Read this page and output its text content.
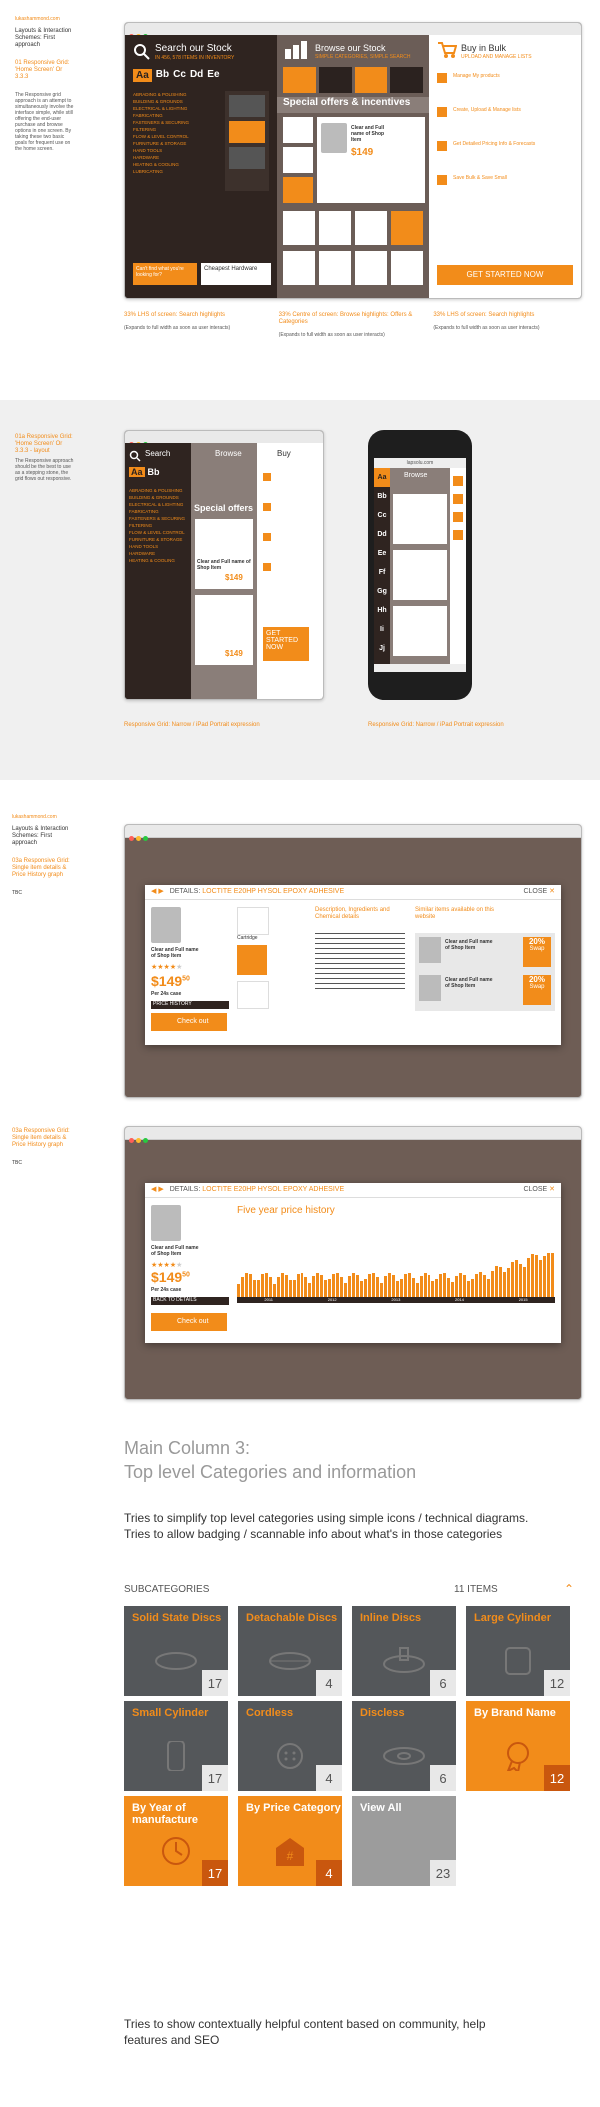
lukashammond.com
Layouts & Interaction Schemes: First approach
01 Responsive Grid: 'Home Screen' Or 3.3.3
The Responsive grid approach is an attempt to simultaneously involve the interface simple, while still offering the end-user purchase and browse options in one screen. By taking these two basic goals for frequent use on the home screen.
Search our Stock
IN 456, 578 ITEMS IN INVENTORY
Aa Bb Cc Dd Ee
ABRADING & POLISHING
BUILDING & GROUNDS
ELECTRICAL & LIGHTING
FABRICATING
FASTENERS & SECURING
FILTERING
FLOW & LEVEL CONTROL
FURNITURE & STORAGE
HAND TOOLS
HARDWARE
HEATING & COOLING
LUBRICATING
Can't find what you're looking for?
Cheapest Hardware
Browse our Stock
SIMPLE CATEGORIES, SIMPLE SEARCH
Special offers & incentives
Clear and Full name of Shop Item
$149
Buy in Bulk
UPLOAD AND MANAGE LISTS
Manage My products
Create, Upload & Manage lists
Get Detailed Pricing Info & Forecasts
Save Bulk & Save Small
GET STARTED NOW
33% LHS of screen: Search highlights
(Expands to full width as soon as user interacts)
33% Centre of screen: Browse highlights: Offers & Categories
(Expands to full width as soon as user interacts)
33% LHS of screen: Search highlights
(Expands to full width as soon as user interacts)
01a Responsive Grid: 'Home Screen' Or 3.3.3 - layout
The Responsive approach should be the best to use as a stepping stone, the grid flows out responsive.
Search
Aa Bb
ABRADING & POLISHING
BUILDING & GROUNDS
ELECTRICAL & LIGHTING
FABRICATING
FASTENERS & SECURING
FILTERING
FLOW & LEVEL CONTROL
FURNITURE & STORAGE
HAND TOOLS
HARDWARE
HEATING & COOLING
Browse
Special offers
Clear and Full name of Shop Item
$149
$149
Buy
GET STARTED NOW
Responsive Grid: Narrow / iPad Portrait expression
lapsolu.com
Aa
Bb
Cc
Dd
Ee
Ff
Gg
Hh
Ii
Jj
Browse
Responsive Grid: Narrow / iPad Portrait expression
lukashammond.com
Layouts & Interaction Schemes: First approach
03a Responsive Grid: Single item details & Price History graph
TBC	◀ ▶ DETAILS: LOCTITE E20HP HYSOL EPOXY ADHESIVE	CLOSE ✕
Clear and Full name of Shop Item
★★★★★
$\$149^{50}$
Per 24s case
PRICE HISTORY
Check out
Cartridge
Description, Ingredients and Chemical details
Similar items available on this website
Clear and Full name of Shop Item
20%
Swap
Clear and Full name of Shop Item
20%
Swap
03a Responsive Grid: Single item details & Price History graph
TBC
◀ ▶ DETAILS: LOCTITE E20HP HYSOL EPOXY ADHESIVE	CLOSE ✕
Clear and Full name of Shop Item
★★★★★
$\$149^{50}$
Per 24s case
BACK TO DETAILS
Check out
Five year price history
2011	2012	2013	2014	2015
Main Column 3:
Top level Categories and information
Tries to simplify top level categories using simple icons / technical diagrams. Tries to allow badging / scannable info about what's in those categories
SUBCATEGORIES	11 ITEMS	⌃
Solid State Discs
17
Detachable Discs
4
Inline Discs
6
Large Cylinder
12
Small Cylinder
17
Cordless
4
Discless
6
By Brand Name
12
By Year of manufacture
17
By Price Category
#
4
View All
23
Tries to show contextually helpful content based on community, help features and SEO
